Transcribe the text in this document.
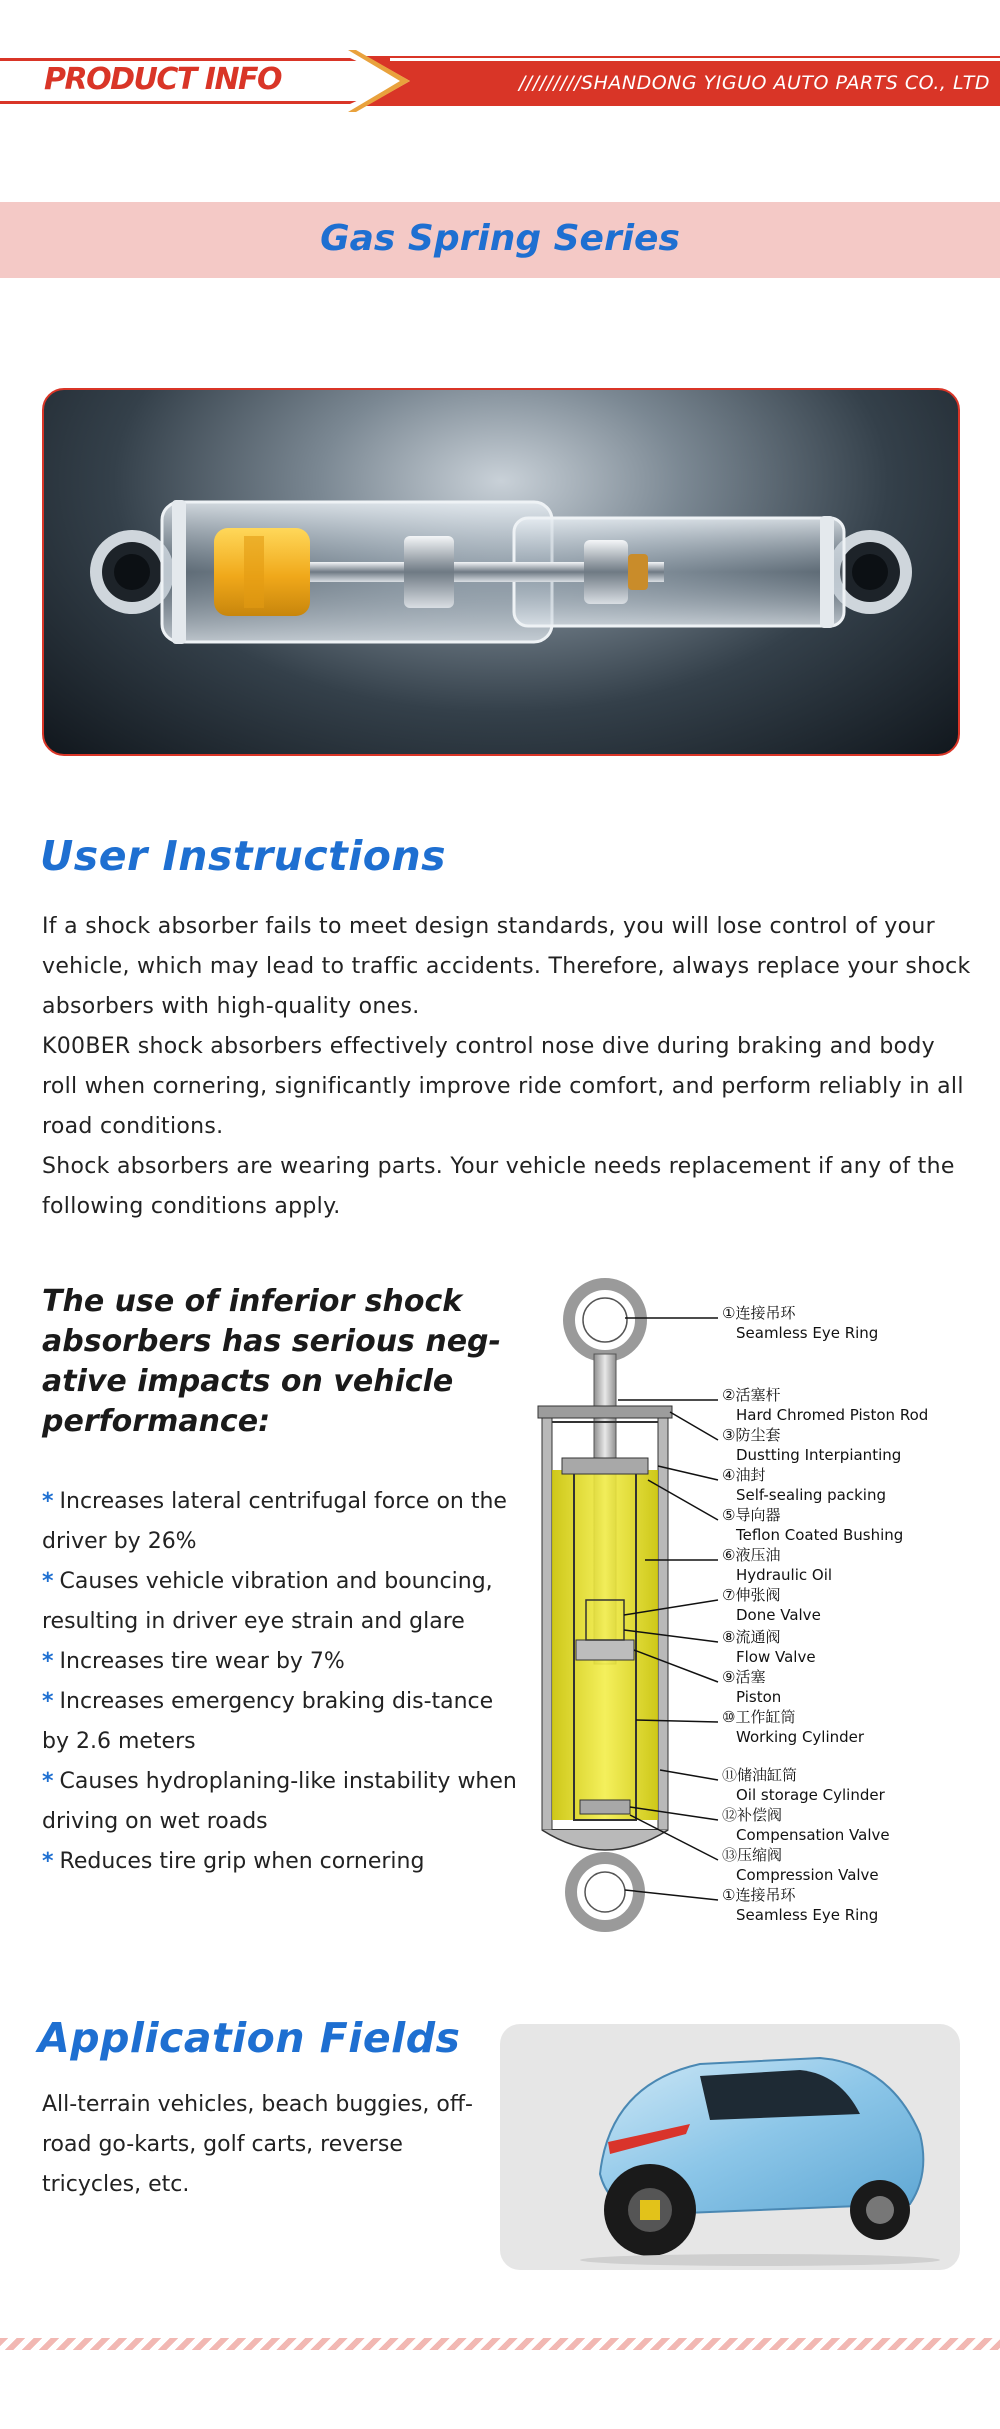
PRODUCT INFO	/////////SHANDONG YIGUO AUTO PARTS CO., LTD
Gas Spring Series
User Instructions
If a shock absorber fails to meet design standards, you will lose control of your vehicle, which may lead to traffic accidents. Therefore, always replace your shock absorbers with high-quality ones.
K00BER shock absorbers effectively control nose dive during braking and body roll when cornering, significantly improve ride comfort, and perform reliably in all road conditions.
Shock absorbers are wearing parts. Your vehicle needs replacement if any of the following conditions apply.
The use of inferior shock absorbers has serious neg-ative impacts on vehicle performance:
* Increases lateral centrifugal force on the driver by 26%
* Causes vehicle vibration and bouncing, resulting in driver eye strain and glare
* Increases tire wear by 7%
* Increases emergency braking dis-tance by 2.6 meters
* Causes hydroplaning-like instability when driving on wet roads
* Reduces tire grip when cornering
①连接吊环
Seamless Eye Ring
②活塞杆
Hard Chromed Piston Rod
③防尘套
Dustting Interpianting
④油封
Self-sealing packing
⑤导向器
Teflon Coated Bushing
⑥液压油
Hydraulic Oil
⑦伸张阀
Done Valve
⑧流通阀
Flow Valve
⑨活塞
Piston
⑩工作缸筒
Working Cylinder
⑪储油缸筒
Oil storage Cylinder
⑫补偿阀
Compensation Valve
⑬压缩阀
Compression Valve
①连接吊环
Seamless Eye Ring
Application Fields
All-terrain vehicles, beach buggies, off-road go-karts, golf carts, reverse tricycles, etc.
